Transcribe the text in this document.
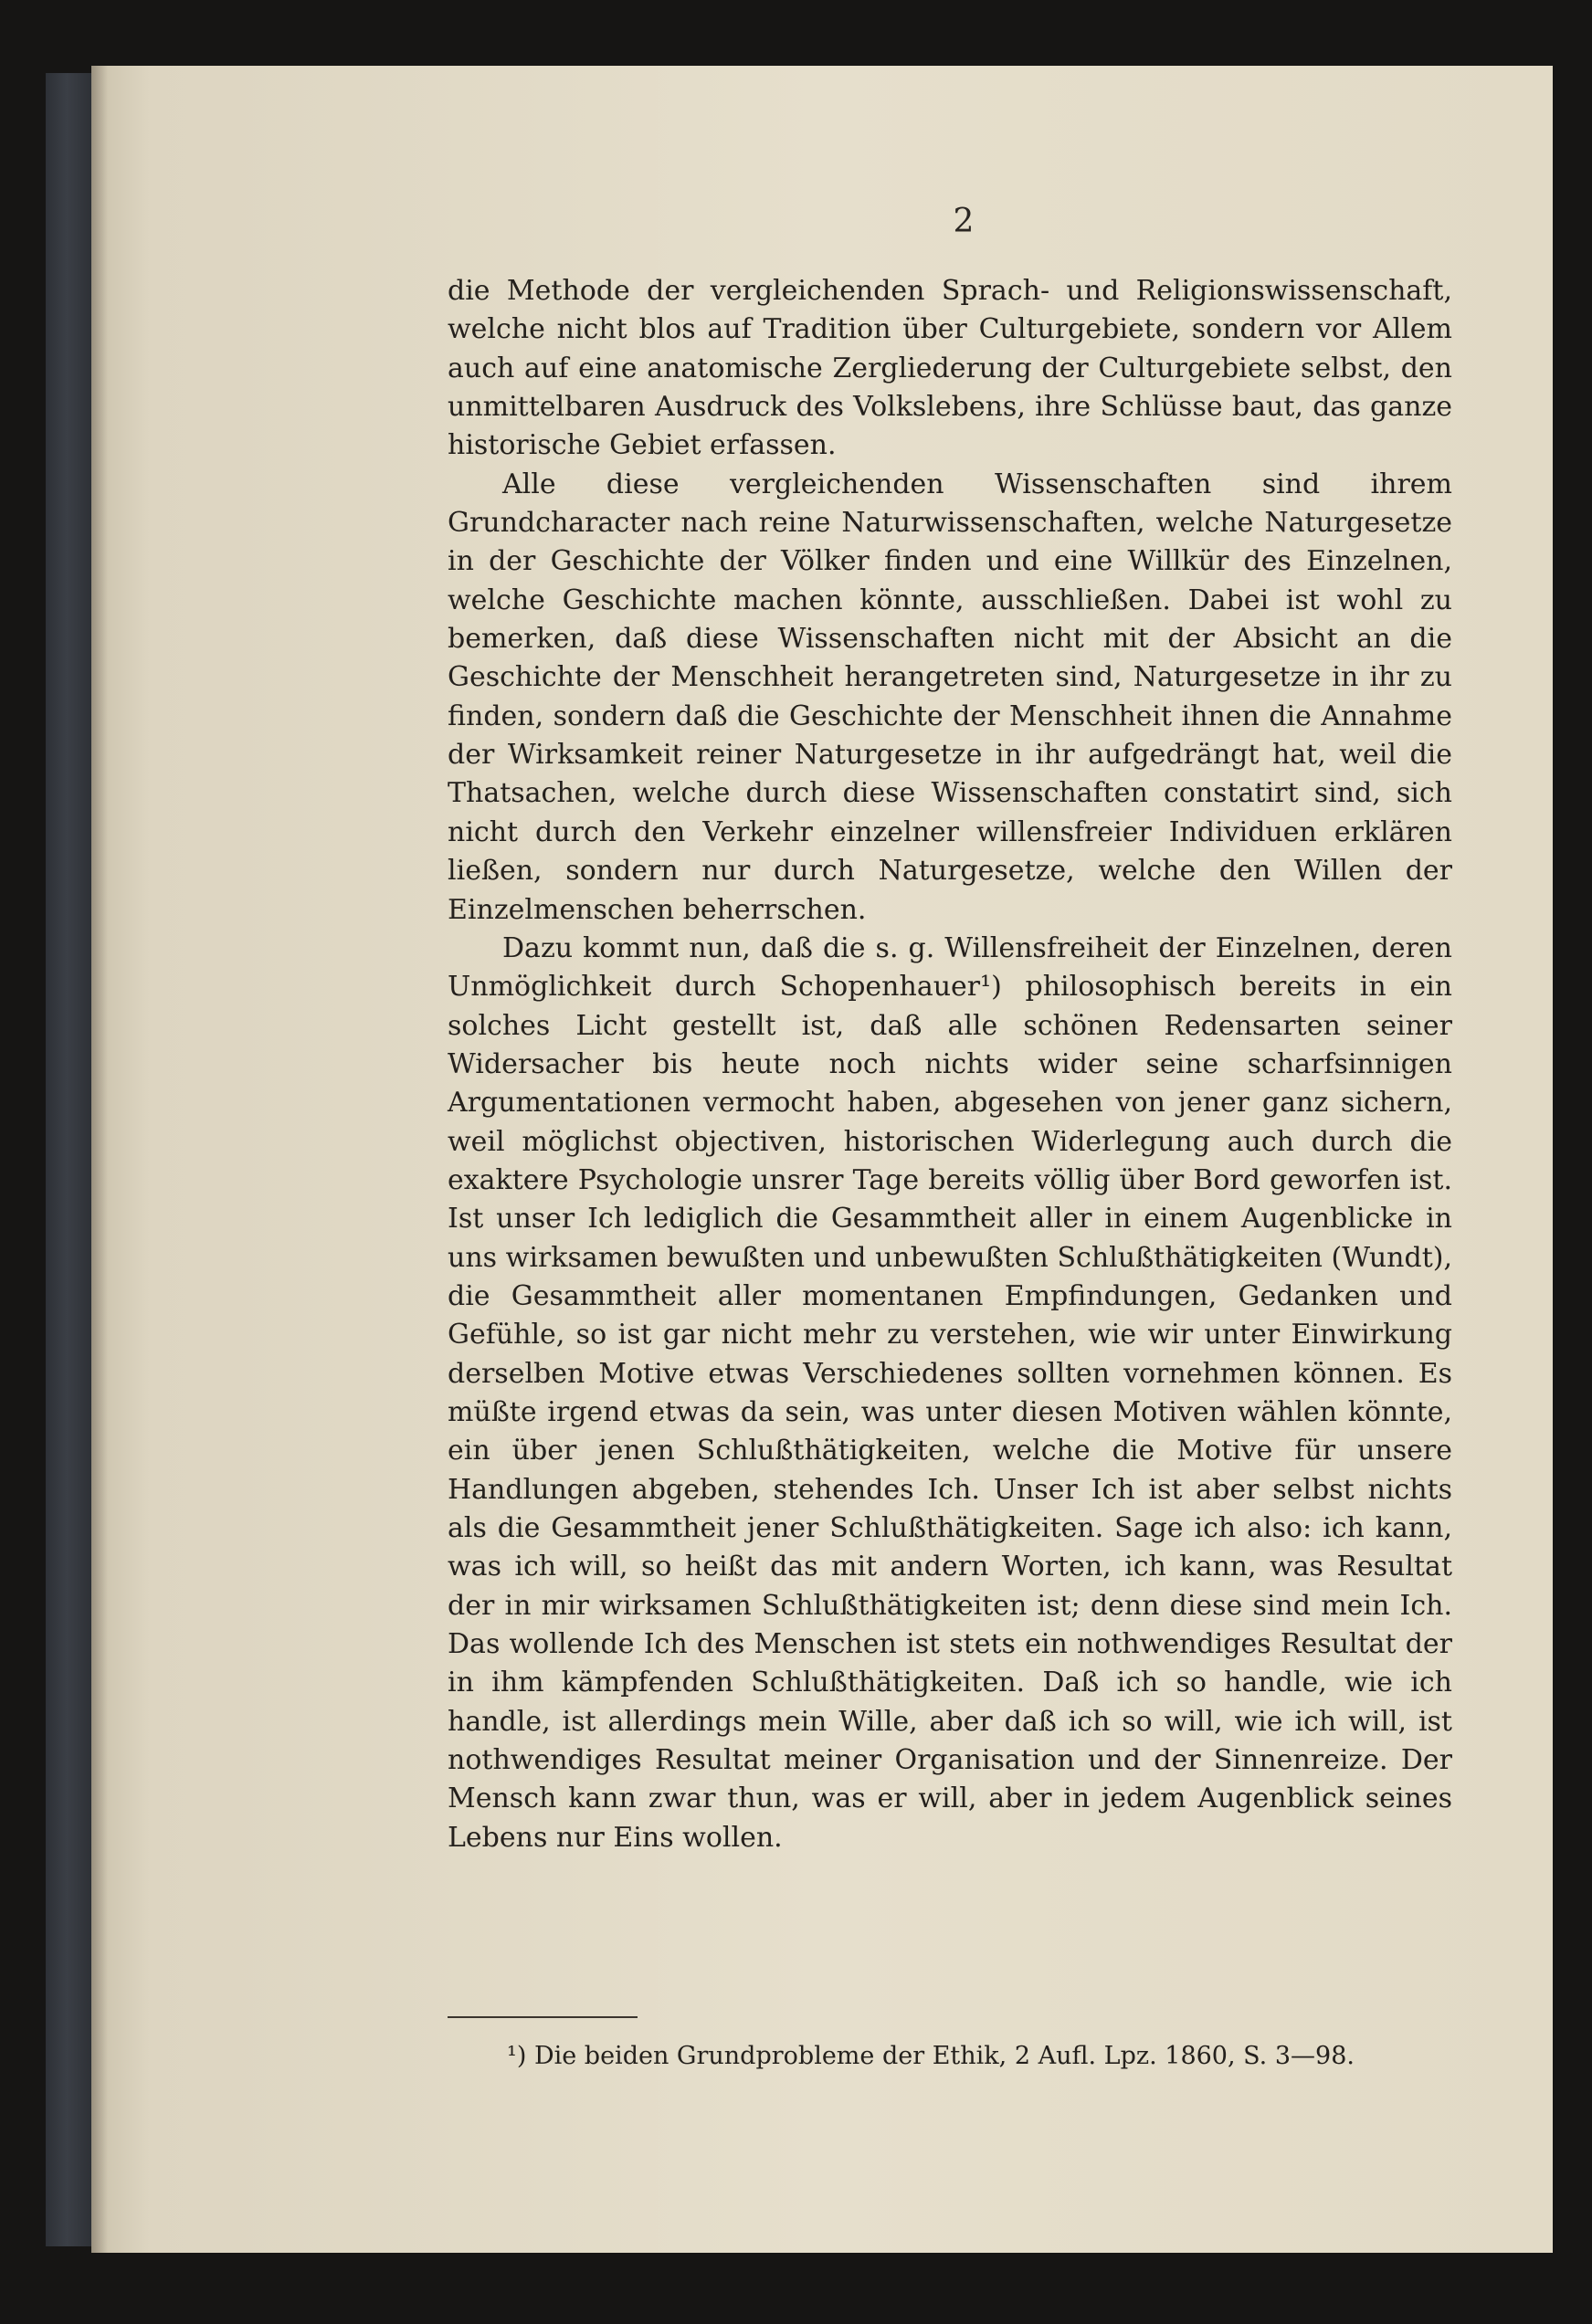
2

die Methode der vergleichenden Sprach- und Religionswissenschaft, welche nicht blos auf Tradition über Culturgebiete, sondern vor Allem auch auf eine anatomische Zergliederung der Culturgebiete selbst, den unmittelbaren Ausdruck des Volkslebens, ihre Schlüsse baut, das ganze historische Gebiet erfassen.

Alle diese vergleichenden Wissenschaften sind ihrem Grundcharacter nach reine Naturwissenschaften, welche Naturgesetze in der Geschichte der Völker finden und eine Willkür des Einzelnen, welche Geschichte machen könnte, ausschließen. Dabei ist wohl zu bemerken, daß diese Wissenschaften nicht mit der Absicht an die Geschichte der Menschheit herangetreten sind, Naturgesetze in ihr zu finden, sondern daß die Geschichte der Menschheit ihnen die Annahme der Wirksamkeit reiner Naturgesetze in ihr aufgedrängt hat, weil die Thatsachen, welche durch diese Wissenschaften constatirt sind, sich nicht durch den Verkehr einzelner willensfreier Individuen erklären ließen, sondern nur durch Naturgesetze, welche den Willen der Einzelmenschen beherrschen.

Dazu kommt nun, daß die s. g. Willensfreiheit der Einzelnen, deren Unmöglichkeit durch Schopenhauer¹) philosophisch bereits in ein solches Licht gestellt ist, daß alle schönen Redensarten seiner Widersacher bis heute noch nichts wider seine scharfsinnigen Argumentationen vermocht haben, abgesehen von jener ganz sichern, weil möglichst objectiven, historischen Widerlegung auch durch die exaktere Psychologie unsrer Tage bereits völlig über Bord geworfen ist. Ist unser Ich lediglich die Gesammtheit aller in einem Augenblicke in uns wirksamen bewußten und unbewußten Schlußthätigkeiten (Wundt), die Gesammtheit aller momentanen Empfindungen, Gedanken und Gefühle, so ist gar nicht mehr zu verstehen, wie wir unter Einwirkung derselben Motive etwas Verschiedenes sollten vornehmen können. Es müßte irgend etwas da sein, was unter diesen Motiven wählen könnte, ein über jenen Schlußthätigkeiten, welche die Motive für unsere Handlungen abgeben, stehendes Ich. Unser Ich ist aber selbst nichts als die Gesammtheit jener Schlußthätigkeiten. Sage ich also: ich kann, was ich will, so heißt das mit andern Worten, ich kann, was Resultat der in mir wirksamen Schlußthätigkeiten ist; denn diese sind mein Ich. Das wollende Ich des Menschen ist stets ein nothwendiges Resultat der in ihm kämpfenden Schlußthätigkeiten. Daß ich so handle, wie ich handle, ist allerdings mein Wille, aber daß ich so will, wie ich will, ist nothwendiges Resultat meiner Organisation und der Sinnenreize. Der Mensch kann zwar thun, was er will, aber in jedem Augenblick seines Lebens nur Eins wollen.

¹) Die beiden Grundprobleme der Ethik, 2 Aufl. Lpz. 1860, S. 3—98.
